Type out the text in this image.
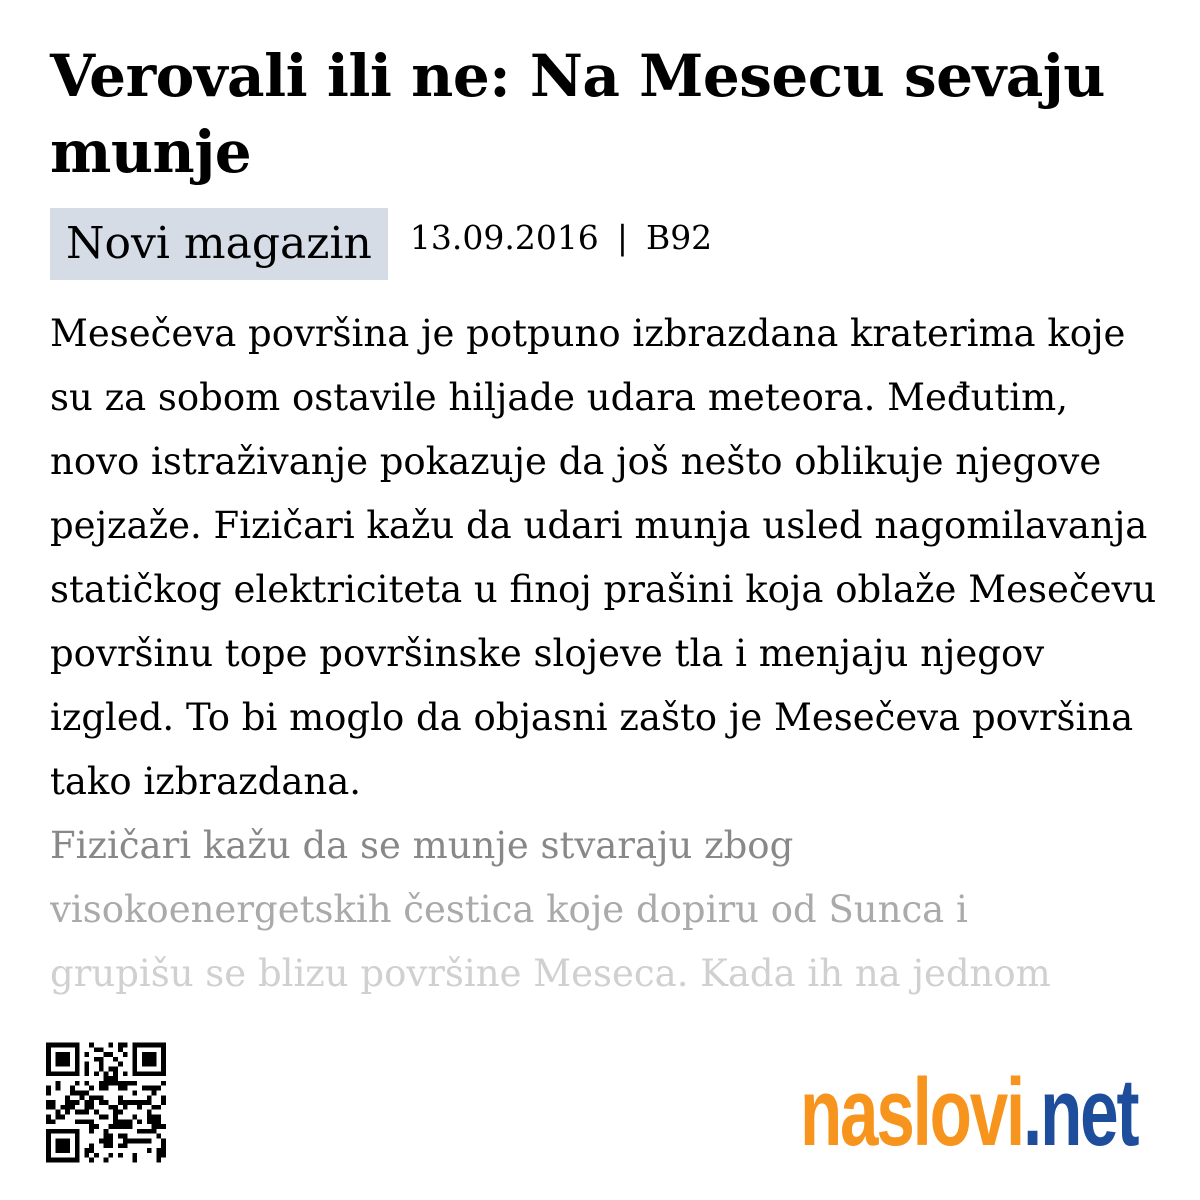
Verovali ili ne: Na Mesecu sevaju munje
Novi magazin	13.09.2016 | B92

Mesečeva površina je potpuno izbrazdana kraterima koje su za sobom ostavile hiljade udara meteora. Međutim, novo istraživanje pokazuje da još nešto oblikuje njegove pejzaže. Fizičari kažu da udari munja usled nagomilavanja statičkog elektriciteta u finoj prašini koja oblaže Mesečevu površinu tope površinske slojeve tla i menjaju njegov izgled. To bi moglo da objasni zašto je Mesečeva površina tako izbrazdana.

Fizičari kažu da se munje stvaraju zbog

visokoenergetskih čestica koje dopiru od Sunca i

grupišu se blizu površine Meseca. Kada ih na jednom

naslovi.net
